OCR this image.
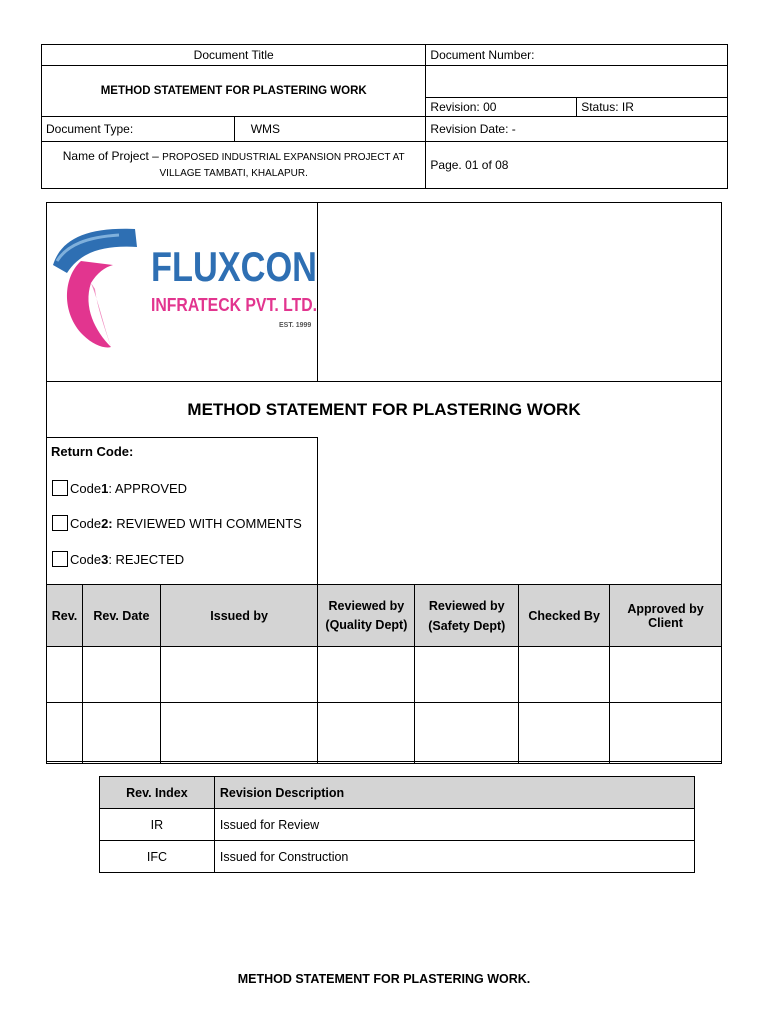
Document Title		Document Number:	
METHOD STATEMENT FOR PLASTERING WORK			
		Revision: 00	Status: IR
Document Type:	WMS	Revision Date: -	
Name of Project – PROPOSED INDUSTRIAL EXPANSION PROJECT AT
VILLAGE TAMBATI, KHALAPUR.		Page. 01 of 08	
FLUXCON
INFRATECK PVT. LTD.
EST. 1999
METHOD STATEMENT FOR PLASTERING WORK
Return Code:
Code 1 : APPROVED
Code 2: REVIEWED WITH COMMENTS
Code 3 : REJECTED
Rev.	Rev. Date	Issued by	Reviewed by (Quality Dept)	Reviewed by (Safety Dept)	Checked By	Approved by Client

Rev. Index	Revision Description
IR	Issued for Review
IFC	Issued for Construction
METHOD STATEMENT FOR PLASTERING WORK.
